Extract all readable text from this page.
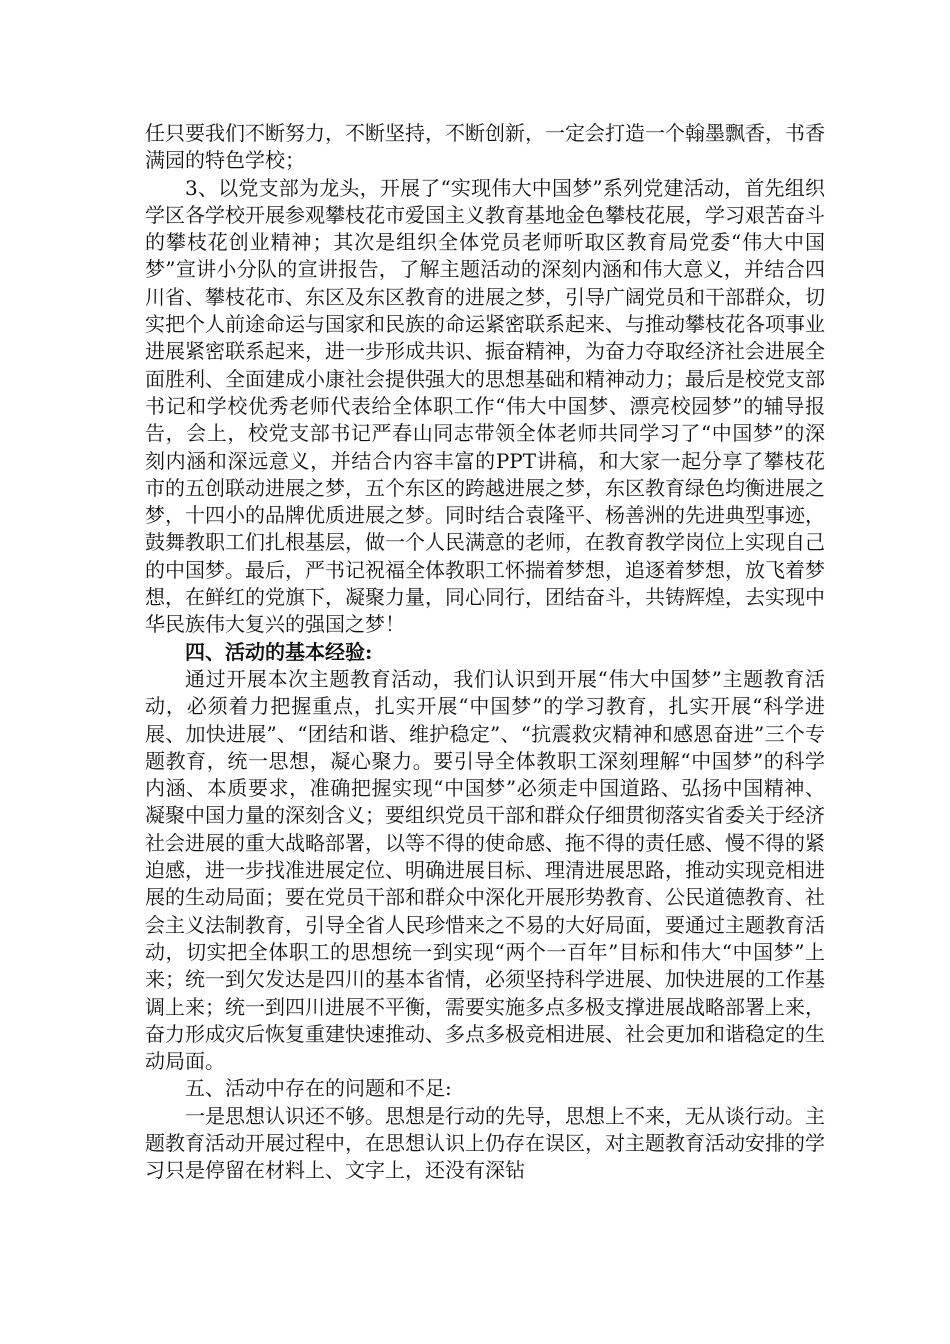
任只要我们不断努力，不断坚持，不断创新，一定会打造一个翰墨飘香，书香满园的特色学校；

3、以党支部为龙头，开展了“实现伟大中国梦”系列党建活动，首先组织学区各学校开展参观攀枝花市爱国主义教育基地金色攀枝花展，学习艰苦奋斗的攀枝花创业精神；其次是组织全体党员老师听取区教育局党委“伟大中国梦”宣讲小分队的宣讲报告，了解主题活动的深刻内涵和伟大意义，并结合四川省、攀枝花市、东区及东区教育的进展之梦，引导广阔党员和干部群众，切实把个人前途命运与国家和民族的命运紧密联系起来、与推动攀枝花各项事业进展紧密联系起来，进一步形成共识、振奋精神，为奋力夺取经济社会进展全面胜利、全面建成小康社会提供强大的思想基础和精神动力；最后是校党支部书记和学校优秀老师代表给全体职工作“伟大中国梦、漂亮校园梦”的辅导报告，会上，校党支部书记严春山同志带领全体老师共同学习了“中国梦”的深刻内涵和深远意义，并结合内容丰富的PPT讲稿，和大家一起分享了攀枝花市的五创联动进展之梦，五个东区的跨越进展之梦，东区教育绿色均衡进展之梦，十四小的品牌优质进展之梦。同时结合袁隆平、杨善洲的先进典型事迹，鼓舞教职工们扎根基层，做一个人民满意的老师，在教育教学岗位上实现自己的中国梦。最后，严书记祝福全体教职工怀揣着梦想，追逐着梦想，放飞着梦想，在鲜红的党旗下，凝聚力量，同心同行，团结奋斗，共铸辉煌，去实现中华民族伟大复兴的强国之梦！

四、活动的基本经验:

通过开展本次主题教育活动，我们认识到开展“伟大中国梦”主题教育活动，必须着力把握重点，扎实开展“中国梦”的学习教育，扎实开展“科学进展、加快进展”、“团结和谐、维护稳定”、“抗震救灾精神和感恩奋进”三个专题教育，统一思想，凝心聚力。要引导全体教职工深刻理解“中国梦”的科学内涵、本质要求，准确把握实现“中国梦”必须走中国道路、弘扬中国精神、凝聚中国力量的深刻含义；要组织党员干部和群众仔细贯彻落实省委关于经济社会进展的重大战略部署，以等不得的使命感、拖不得的责任感、慢不得的紧迫感，进一步找准进展定位、明确进展目标、理清进展思路，推动实现竞相进展的生动局面；要在党员干部和群众中深化开展形势教育、公民道德教育、社会主义法制教育，引导全省人民珍惜来之不易的大好局面，要通过主题教育活动，切实把全体职工的思想统一到实现“两个一百年”目标和伟大“中国梦”上来；统一到欠发达是四川的基本省情，必须坚持科学进展、加快进展的工作基调上来；统一到四川进展不平衡，需要实施多点多极支撑进展战略部署上来，奋力形成灾后恢复重建快速推动、多点多极竞相进展、社会更加和谐稳定的生动局面。

五、活动中存在的问题和不足:

一是思想认识还不够。思想是行动的先导，思想上不来，无从谈行动。主题教育活动开展过程中，在思想认识上仍存在误区，对主题教育活动安排的学习只是停留在材料上、文字上，还没有深钻
